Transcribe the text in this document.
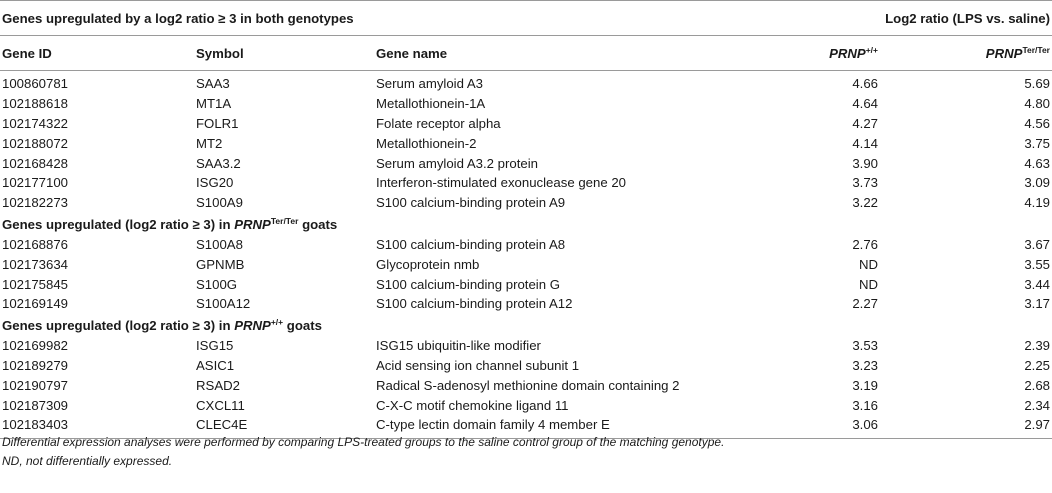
Genes upregulated by a log2 ratio ≥ 3 in both genotypes			Log2 ratio (LPS vs. saline)	
Gene ID	Symbol	Gene name	PRNP+/+	$PRNP^{Ter/Ter}$
100860781	SAA3	Serum amyloid A3	4.66	5.69
102188618	MT1A	Metallothionein-1A	4.64	4.80
102174322	FOLR1	Folate receptor alpha	4.27	4.56
102188072	MT2	Metallothionein-2	4.14	3.75
102168428	SAA3.2	Serum amyloid A3.2 protein	3.90	4.63
102177100	ISG20	Interferon-stimulated exonuclease gene 20	3.73	3.09
102182273	S100A9	S100 calcium-binding protein A9	3.22	4.19
Genes upregulated (log2 ratio ≥ 3) in $PRNP^{Ter/Ter}$ goats				
102168876	S100A8	S100 calcium-binding protein A8	2.76	3.67
102173634	GPNMB	Glycoprotein nmb	ND	3.55
102175845	S100G	S100 calcium-binding protein G	ND	3.44
102169149	S100A12	S100 calcium-binding protein A12	2.27	3.17
Genes upregulated (log2 ratio ≥ 3) in PRNP+/+ goats				
102169982	ISG15	ISG15 ubiquitin-like modifier	3.53	2.39
102189279	ASIC1	Acid sensing ion channel subunit 1	3.23	2.25
102190797	RSAD2	Radical S-adenosyl methionine domain containing 2	3.19	2.68
102187309	CXCL11	C-X-C motif chemokine ligand 11	3.16	2.34
102183403	CLEC4E	C-type lectin domain family 4 member E	3.06	2.97
Differential expression analyses were performed by comparing LPS-treated groups to the saline control group of the matching genotype.
ND, not differentially expressed.
